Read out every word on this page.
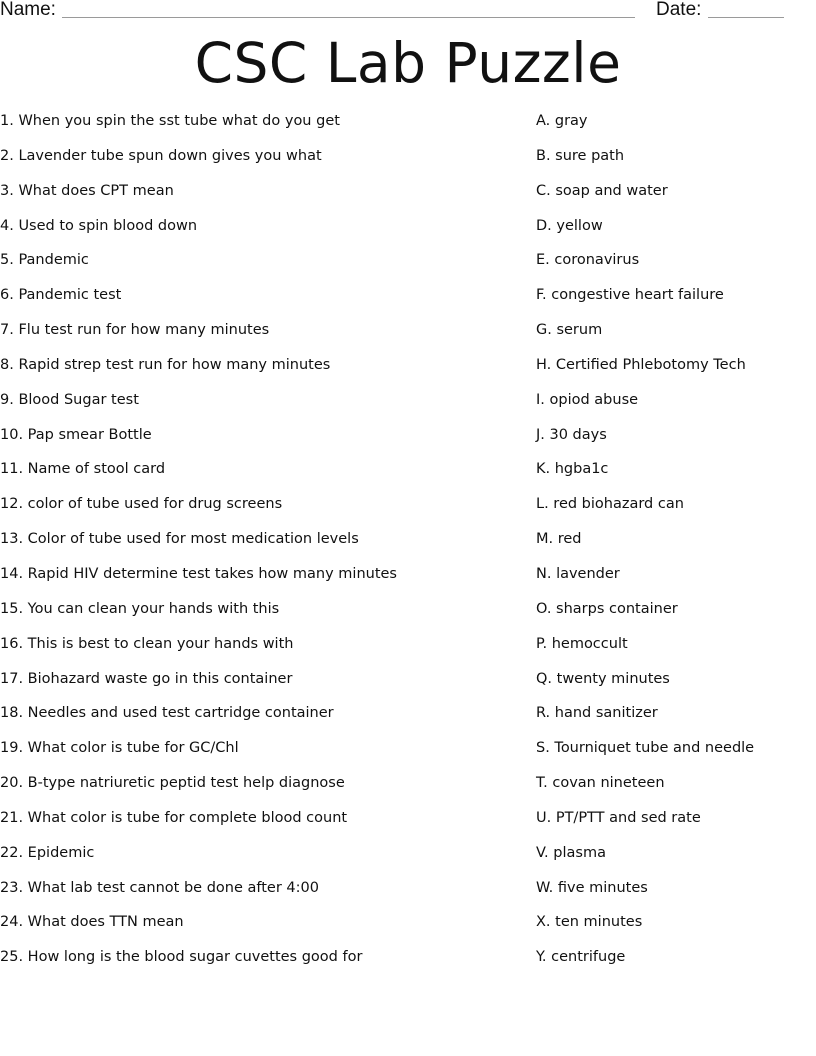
Name:	Date:
CSC Lab Puzzle
1. When you spin the sst tube what do you get
2. Lavender tube spun down gives you what
3. What does CPT mean
4. Used to spin blood down
5. Pandemic
6. Pandemic test
7. Flu test run for how many minutes
8. Rapid strep test run for how many minutes
9. Blood Sugar test
10. Pap smear Bottle
11. Name of stool card
12. color of tube used for drug screens
13. Color of tube used for most medication levels
14. Rapid HIV determine test takes how many minutes
15. You can clean your hands with this
16. This is best to clean your hands with
17. Biohazard waste go in this container
18. Needles and used test cartridge container
19. What color is tube for GC/Chl
20. B-type natriuretic peptid test help diagnose
21. What color is tube for complete blood count
22. Epidemic
23. What lab test cannot be done after 4:00
24. What does TTN mean
25. How long is the blood sugar cuvettes good for
A. gray
B. sure path
C. soap and water
D. yellow
E. coronavirus
F. congestive heart failure
G. serum
H. Certified Phlebotomy Tech
I. opiod abuse
J. 30 days
K. hgba1c
L. red biohazard can
M. red
N. lavender
O. sharps container
P. hemoccult
Q. twenty minutes
R. hand sanitizer
S. Tourniquet tube and needle
T. covan nineteen
U. PT/PTT and sed rate
V. plasma
W. five minutes
X. ten minutes
Y. centrifuge
